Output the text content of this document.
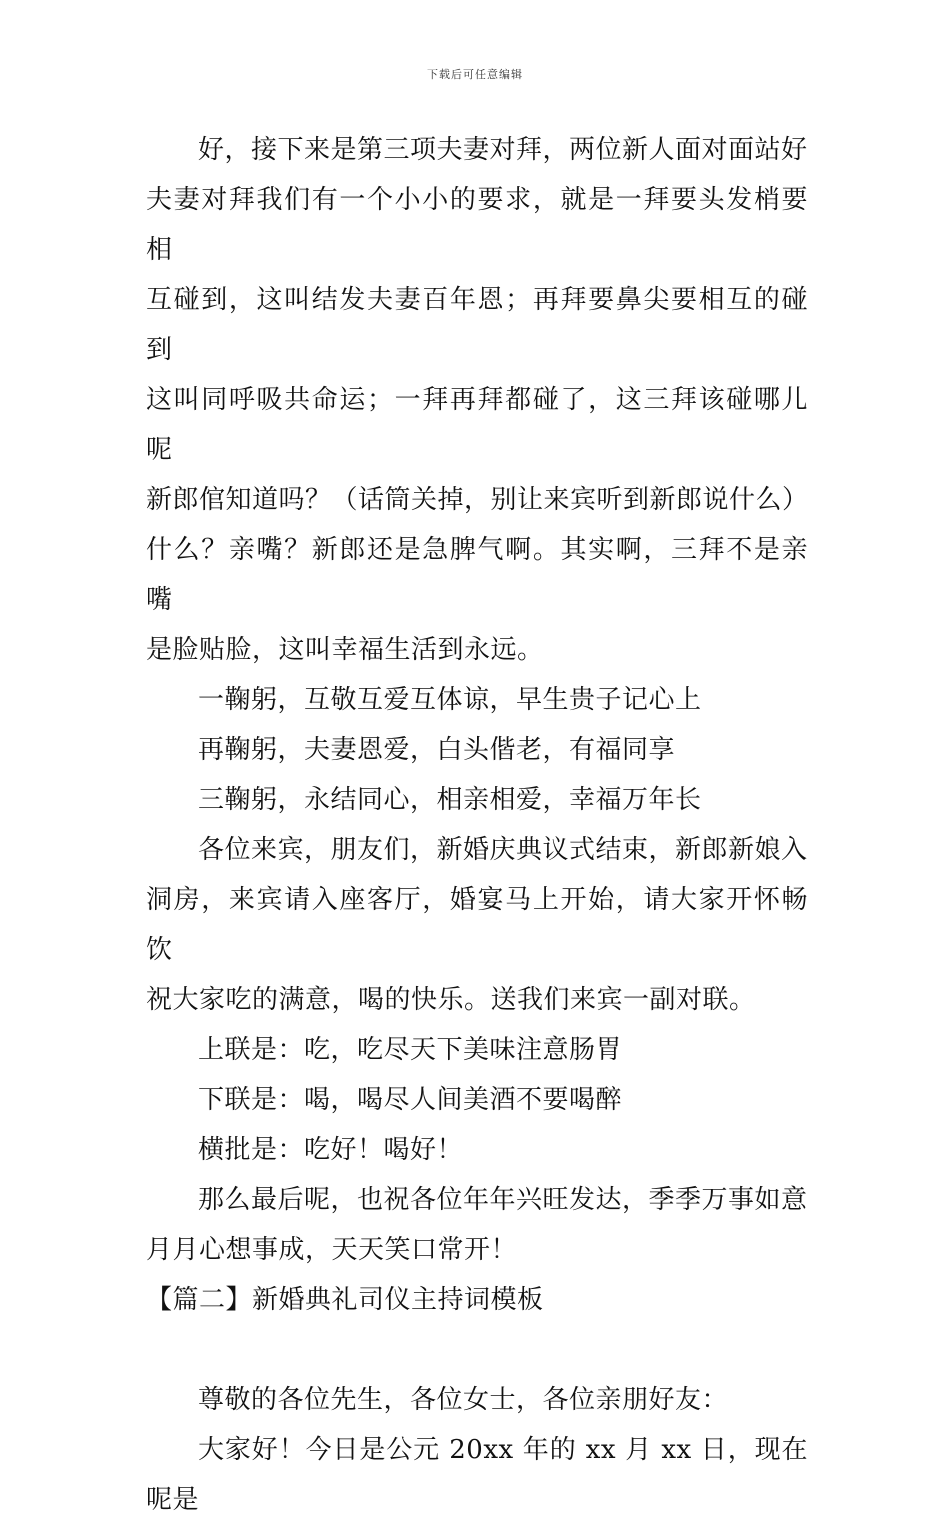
下载后可任意编辑

好，接下来是第三项夫妻对拜，两位新人面对面站好

夫妻对拜我们有一个小小的要求，就是一拜要头发梢要相

互碰到，这叫结发夫妻百年恩；再拜要鼻尖要相互的碰到

这叫同呼吸共命运；一拜再拜都碰了，这三拜该碰哪儿呢

新郎倌知道吗？（话筒关掉，别让来宾听到新郎说什么）

什么？亲嘴？新郎还是急脾气啊。其实啊，三拜不是亲嘴

是脸贴脸，这叫幸福生活到永远。

一鞠躬，互敬互爱互体谅，早生贵子记心上

再鞠躬，夫妻恩爱，白头偕老，有福同享

三鞠躬，永结同心，相亲相爱，幸福万年长

各位来宾，朋友们，新婚庆典议式结束，新郎新娘入

洞房，来宾请入座客厅，婚宴马上开始，请大家开怀畅饮

祝大家吃的满意，喝的快乐。送我们来宾一副对联。

上联是：吃，吃尽天下美味注意肠胃

下联是：喝，喝尽人间美酒不要喝醉

横批是：吃好！喝好！

那么最后呢，也祝各位年年兴旺发达，季季万事如意

月月心想事成，天天笑口常开！

【篇二】新婚典礼司仪主持词模板

尊敬的各位先生，各位女士，各位亲朋好友：

大家好！今日是公元 20xx 年的 xx 月 xx 日，现在呢是
